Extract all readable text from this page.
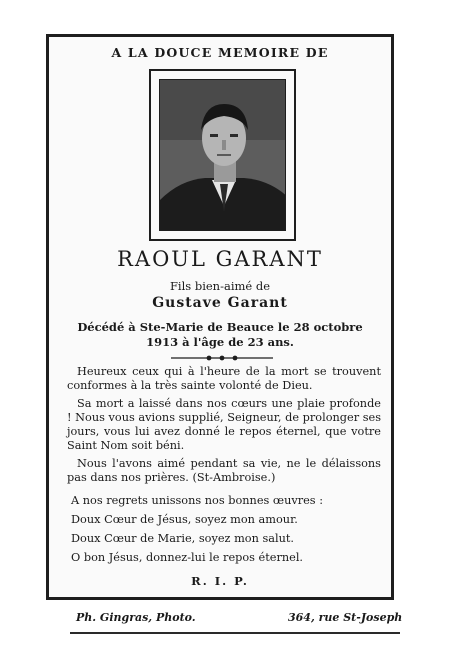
A LA DOUCE MEMOIRE DE
RAOUL GARANT
Fils bien-aimé de
Gustave Garant
Décédé à Ste-Marie de Beauce le 28 octobre
1913 à l'âge de 23 ans.

Heureux ceux qui à l'heure de la mort se trouvent conformes à la très sainte volonté de Dieu.

Sa mort a laissé dans nos cœurs une plaie profonde ! Nous vous avions supplié, Seigneur, de prolonger ses jours, vous lui avez donné le repos éternel, que votre Saint Nom soit béni.

Nous l'avons aimé pendant sa vie, ne le délaissons pas dans nos prières. (St-Ambroise.)

A nos regrets unissons nos bonnes œuvres :
Doux Cœur de Jésus, soyez mon amour.
Doux Cœur de Marie, soyez mon salut.
O bon Jésus, donnez-lui le repos éternel.
R. I. P.
Ph. Gingras, Photo.	364, rue St-Joseph
